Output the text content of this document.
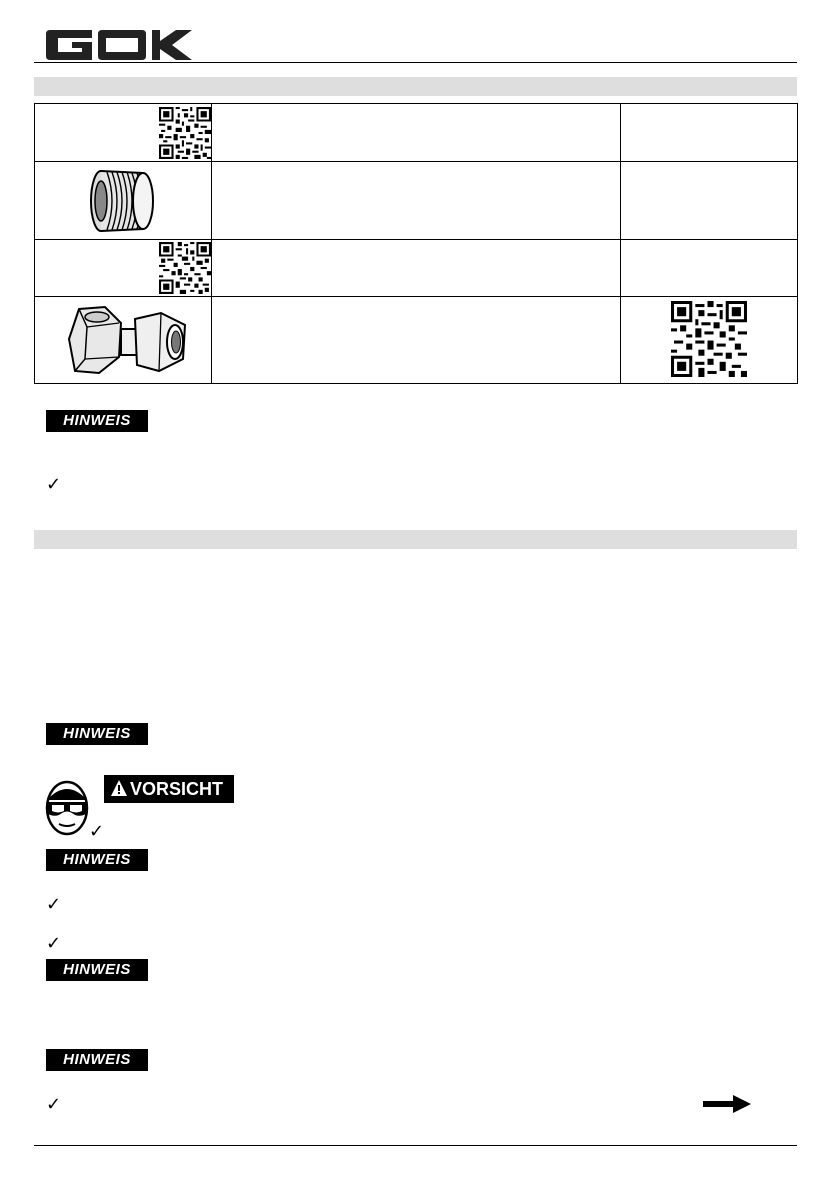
HINWEIS
✓
HINWEIS
VORSICHT
✓
HINWEIS
✓
✓
HINWEIS
HINWEIS
✓
